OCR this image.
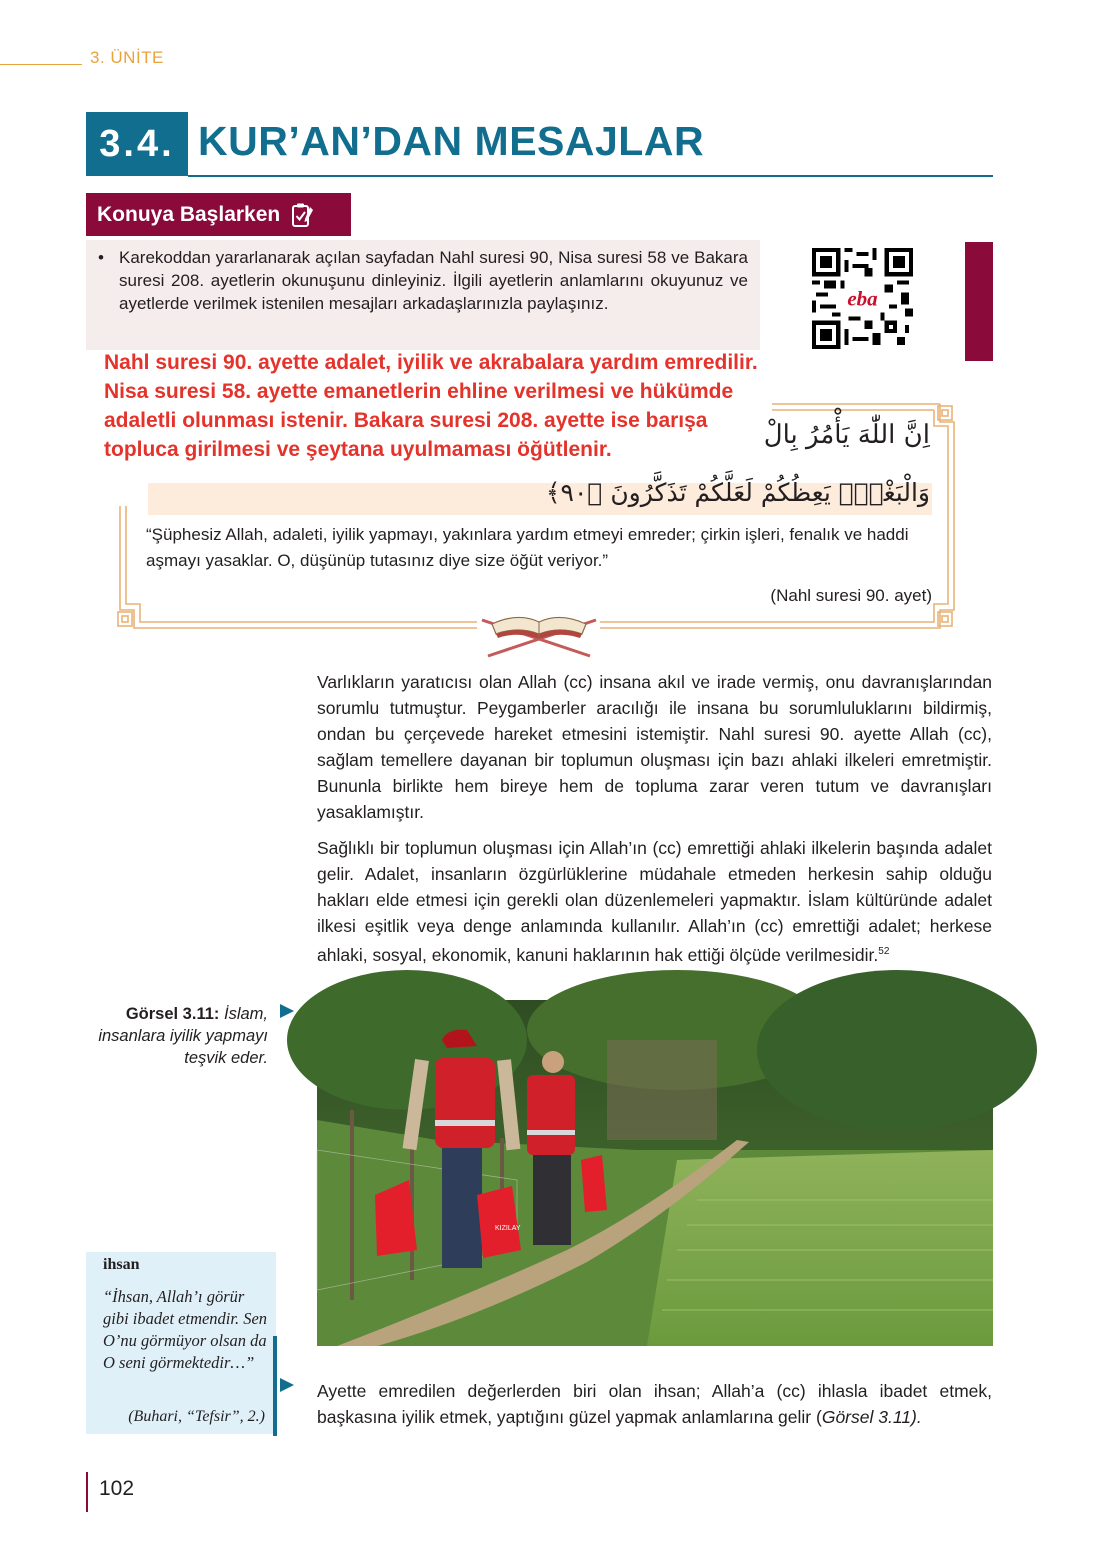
3. ÜNİTE
3.4. KUR’AN’DAN MESAJLAR
Konuya Başlarken
• Karekoddan yararlanarak açılan sayfadan Nahl suresi 90, Nisa suresi 58 ve Bakara suresi 208. ayetlerin okunuşunu dinleyiniz. İlgili ayetlerin anlamlarını okuyunuz ve ayetlerde verilmek istenilen mesajları arkadaşlarınızla paylaşınız.	eba
اِنَّ اللّٰهَ يَأْمُرُ بِالْ
وَالْبَغْيِۚ يَعِظُكُمْ لَعَلَّكُمْ تَذَكَّرُونَ ﴿٩٠﴾
Nahl suresi 90. ayette adalet, iyilik ve akrabalara yardım emredilir. Nisa suresi 58. ayette emanetlerin ehline verilmesi ve hükümde adaletli olunması istenir. Bakara suresi 208. ayette ise barışa topluca girilmesi ve şeytana uyulmaması öğütlenir.
“Şüphesiz Allah, adaleti, iyilik yapmayı, yakınlara yardım etmeyi emreder; çirkin işleri, fenalık ve haddi aşmayı yasaklar. O, düşünüp tutasınız diye size öğüt veriyor.”
(Nahl suresi 90. ayet)
Varlıkların yaratıcısı olan Allah (cc) insana akıl ve irade vermiş, onu davranışlarından sorumlu tutmuştur. Peygamberler aracılığı ile insana bu sorumluluklarını bildirmiş, ondan bu çerçevede hareket etmesini istemiştir. Nahl suresi 90. ayette Allah (cc), sağlam temellere dayanan bir toplumun oluşması için bazı ahlaki ilkeleri emretmiştir. Bununla birlikte hem bireye hem de topluma zarar veren tutum ve davranışları yasaklamıştır.
Sağlıklı bir toplumun oluşması için Allah’ın (cc) emrettiği ahlaki ilkelerin başında adalet gelir. Adalet, insanların özgürlüklerine müdahale etmeden herkesin sahip olduğu hakları elde etmesi için gerekli olan düzenlemeleri yapmaktır. İslam kültüründe adalet ilkesi eşitlik veya denge anlamında kullanılır. Allah’ın (cc) emrettiği adalet; herkese ahlaki, sosyal, ekonomik, kanuni haklarının hak ettiği ölçüde verilmesidir.$^{52}$
Görsel 3.11: İslam, insanlara iyilik yapmayı teşvik eder.
KIZILAY
ihsan
“İhsan, Allah’ı görür gibi ibadet etmendir. Sen O’nu görmüyor olsan da O seni görmektedir…”
(Buhari, “Tefsir”, 2.)
Ayette emredilen değerlerden biri olan ihsan; Allah’a (cc) ihlasla ibadet etmek, başkasına iyilik etmek, yaptığını güzel yapmak anlamlarına gelir (Görsel 3.11).
102
